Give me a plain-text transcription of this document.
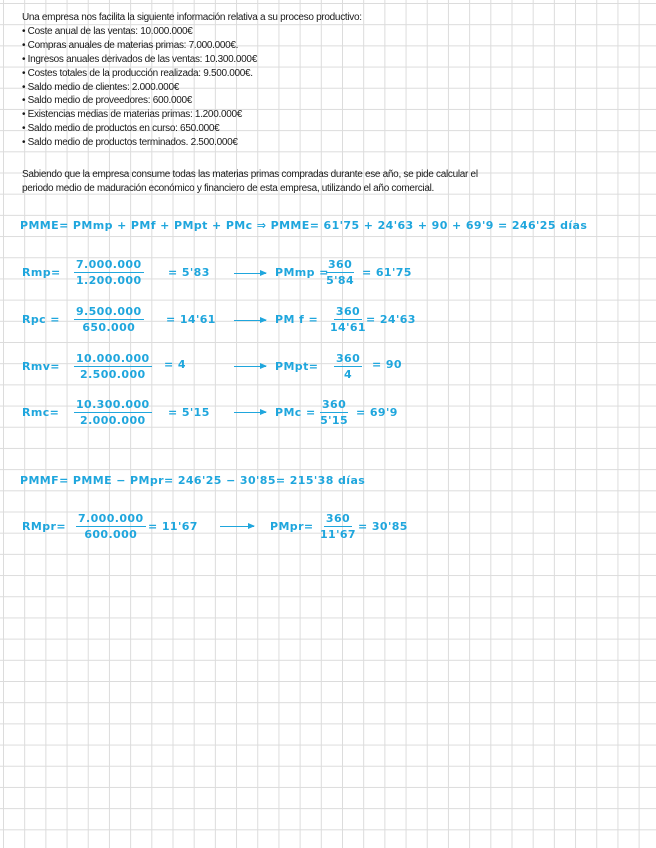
Una empresa nos facilita la siguiente información relativa a su proceso productivo:
• Coste anual de las ventas: 10.000.000€
• Compras anuales de materias primas: 7.000.000€.
• Ingresos anuales derivados de las ventas: 10.300.000€
• Costes totales de la producción realizada: 9.500.000€.
• Saldo medio de clientes: 2.000.000€
• Saldo medio de proveedores: 600.000€
• Existencias medias de materias primas: 1.200.000€
• Saldo medio de productos en curso: 650.000€
• Saldo medio de productos terminados. 2.500.000€
Sabiendo que la empresa consume todas las materias primas compradas durante ese año, se pide calcular el
periodo medio de maduración económico y financiero de esta empresa, utilizando el año comercial.
PMME= PMmp + PMf + PMpt + PMc ⇒ PMME= 61'75 + 24'63 + 90 + 69'9 = 246'25 días
$Rmp= \frac{7.000.000}{1.200.000} = 5'83$	PMmp =
$\frac{360}{5'84} = 61'75$
Rpc = $\frac{9.500.000}{650.000} = 14'61$	PM $f = \frac{360}{14'61} = 24'63$
$Rmv= \frac{10.000.000}{2.500.000} = 4$	PMpt= $\frac{360}{4} = 90$
$Rmc= \frac{10.300.000}{2.000.000} = 5'15$	PMc = $\frac{360}{5'15} = 69'9$
PMMF= PMME − PMpr= 246'25 − 30'85= 215'38 días
RMpr= $\frac{7.000.000}{600.000} = 11'67$	PMpr= $\frac{360}{11'67} = 30'85$
